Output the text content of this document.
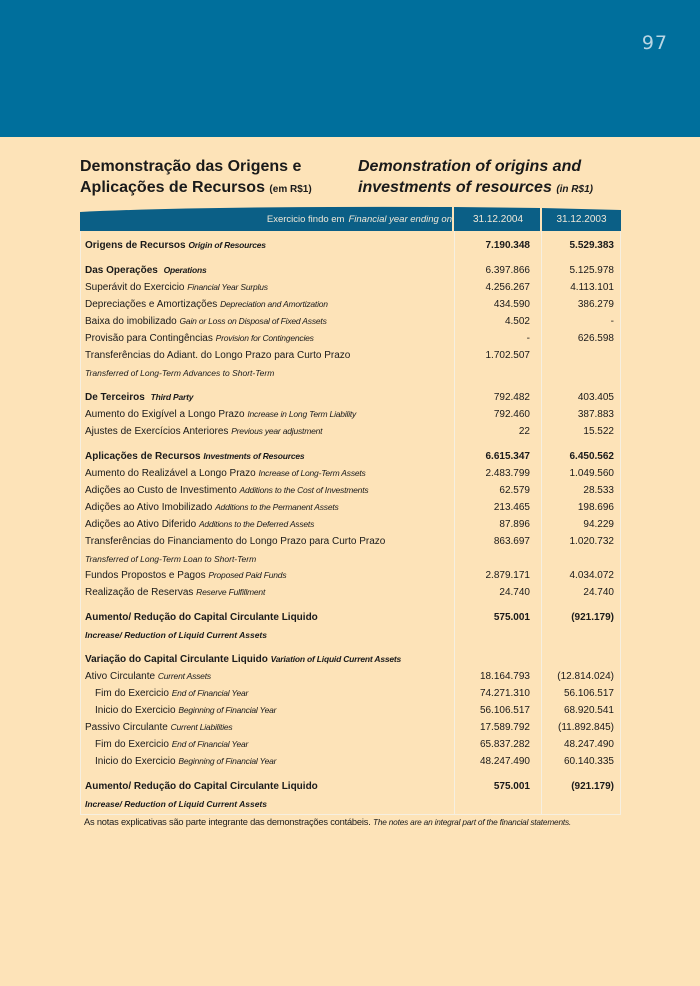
97
Demonstração das Origens e
Aplicações de Recursos (em R$1)
Demonstration of origins and
investments of resources (in R$1)
Exercicio findo em Financial year ending on	31.12.2004	31.12.2003
Origens de Recursos Origin of Resources	7.190.348	5.529.383
Das Operações Operations	6.397.866	5.125.978
Superávit do Exercicio Financial Year Surplus	4.256.267	4.113.101
Depreciações e Amortizações Depreciation and Amortization	434.590	386.279
Baixa do imobilizado Gain or Loss on Disposal of Fixed Assets	4.502	-
Provisão para Contingências Provision for Contingencies	-	626.598
Transferências do Adiant. do Longo Prazo para Curto Prazo	1.702.507
Transferred of Long-Term Advances to Short-Term
De Terceiros Third Party	792.482	403.405
Aumento do Exigível a Longo Prazo Increase in Long Term Liability	792.460	387.883
Ajustes de Exercícios Anteriores Previous year adjustment	22	15.522
Aplicações de Recursos Investments of Resources	6.615.347	6.450.562
Aumento do Realizável a Longo Prazo Increase of Long-Term Assets	2.483.799	1.049.560
Adições ao Custo de Investimento Additions to the Cost of Investments	62.579	28.533
Adições ao Ativo Imobilizado Additions to the Permanent Assets	213.465	198.696
Adições ao Ativo Diferido Additions to the Deferred Assets	87.896	94.229
Transferências do Financiamento do Longo Prazo para Curto Prazo	863.697	1.020.732
Transferred of Long-Term Loan to Short-Term
Fundos Propostos e Pagos Proposed Paid Funds	2.879.171	4.034.072
Realização de Reservas Reserve Fulfillment	24.740	24.740
Aumento/ Redução do Capital Circulante Liquido	575.001	(921.179)
Increase/ Reduction of Liquid Current Assets
Variação do Capital Circulante Liquido Variation of Liquid Current Assets
Ativo Circulante Current Assets	18.164.793	(12.814.024)
Fim do Exercicio End of Financial Year	74.271.310	56.106.517
Inicio do Exercicio Beginning of Financial Year	56.106.517	68.920.541
Passivo Circulante Current Liabilities	17.589.792	(11.892.845)
Fim do Exercicio End of Financial Year	65.837.282	48.247.490
Inicio do Exercicio Beginning of Financial Year	48.247.490	60.140.335
Aumento/ Redução do Capital Circulante Liquido	575.001	(921.179)
Increase/ Reduction of Liquid Current Assets
As notas explicativas são parte integrante das demonstrações contábeis. The notes are an integral part of the financial statements.
